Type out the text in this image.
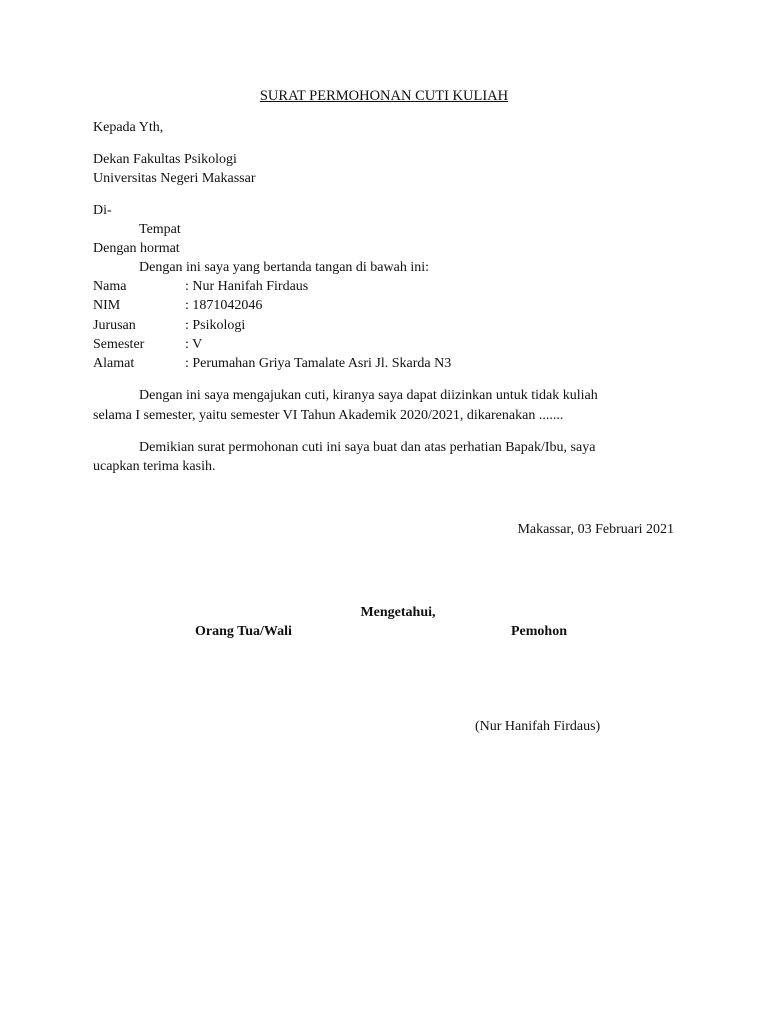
SURAT PERMOHONAN CUTI KULIAH
Kepada Yth,
Dekan Fakultas Psikologi
Universitas Negeri Makassar
Di-
Tempat
Dengan hormat
Dengan ini saya yang bertanda tangan di bawah ini:
Nama	: Nur Hanifah Firdaus
NIM	: 1871042046
Jurusan	: Psikologi
Semester	: V
Alamat	: Perumahan Griya Tamalate Asri Jl. Skarda N3
Dengan ini saya mengajukan cuti, kiranya saya dapat diizinkan untuk tidak kuliah
selama I semester, yaitu semester VI Tahun Akademik 2020/2021, dikarenakan .......
Demikian surat permohonan cuti ini saya buat dan atas perhatian Bapak/Ibu, saya
ucapkan terima kasih.
Makassar, 03 Februari 2021
Mengetahui,
Orang Tua/Wali	Pemohon
(Nur Hanifah Firdaus)
